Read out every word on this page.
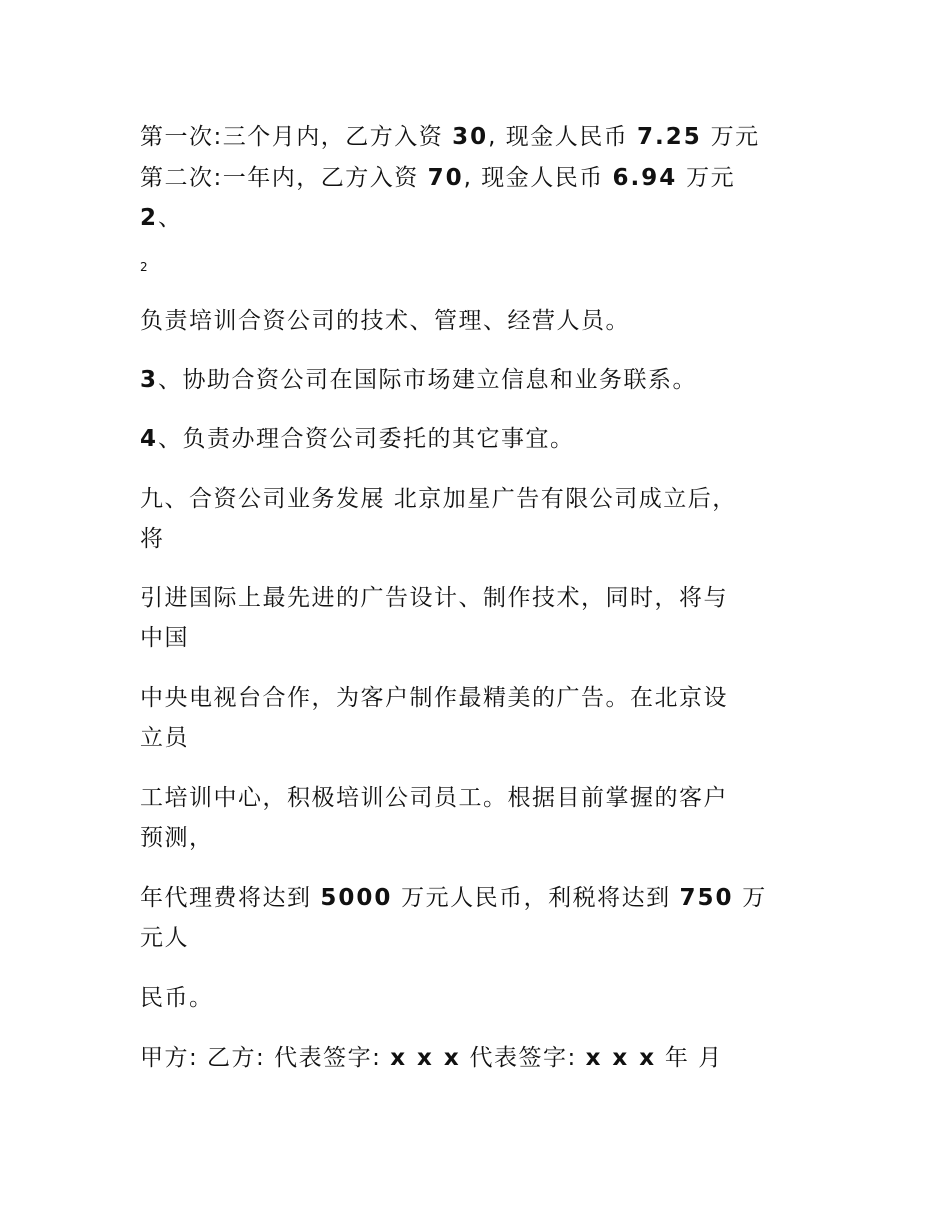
第一次:三个月内，乙方入资 30, 现金人民币 7.25 万元
第二次:一年内，乙方入资 70, 现金人民币 6.94 万元
2、
2
负责培训合资公司的技术、管理、经营人员。
3、协助合资公司在国际市场建立信息和业务联系。
4、负责办理合资公司委托的其它事宜。
九、合资公司业务发展 北京加星广告有限公司成立后，
将
引进国际上最先进的广告设计、制作技术，同时，将与
中国
中央电视台合作，为客户制作最精美的广告。在北京设
立员
工培训中心，积极培训公司员工。根据目前掌握的客户
预测，
年代理费将达到 5000 万元人民币，利税将达到 750 万
元人
民币。
甲方: 乙方: 代表签字: x x x 代表签字: x x x 年 月
